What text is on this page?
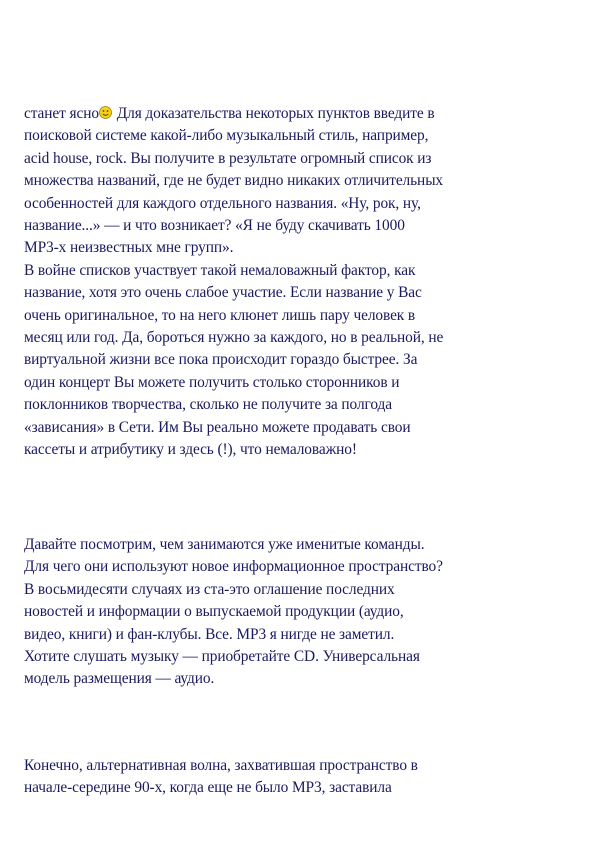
станет ясно
Для доказательства некоторых пунктов введите в
поисковой системе какой-либо музыкальный стиль, например,
acid house, rock. Вы получите в результате огромный список из
множества названий, где не будет видно никаких отличительных
особенностей для каждого отдельного названия. «Ну, рок, ну,
название...» — и что возникает? «Я не буду скачивать 1000
MP3-х неизвестных мне групп».
В войне списков участвует такой немаловажный фактор, как
название, хотя это очень слабое участие. Если название у Вас
очень оригинальное, то на него клюнет лишь пару человек в
месяц или год. Да, бороться нужно за каждого, но в реальной, не
виртуальной жизни все пока происходит гораздо быстрее. За
один концерт Вы можете получить столько сторонников и
поклонников творчества, сколько не получите за полгода
«зависания» в Сети. Им Вы реально можете продавать свои
кассеты и атрибутику и здесь (!), что немаловажно!
Давайте посмотрим, чем занимаются уже именитые команды.
Для чего они используют новое информационное пространство?
В восьмидесяти случаях из ста-это оглашение последних
новостей и информации о выпускаемой продукции (аудио,
видео, книги) и фан-клубы. Все. MP3 я нигде не заметил.
Хотите слушать музыку — приобретайте CD. Универсальная
модель размещения — аудио.
Конечно, альтернативная волна, захватившая пространство в
начале-середине 90-х, когда еще не было MP3, заставила
